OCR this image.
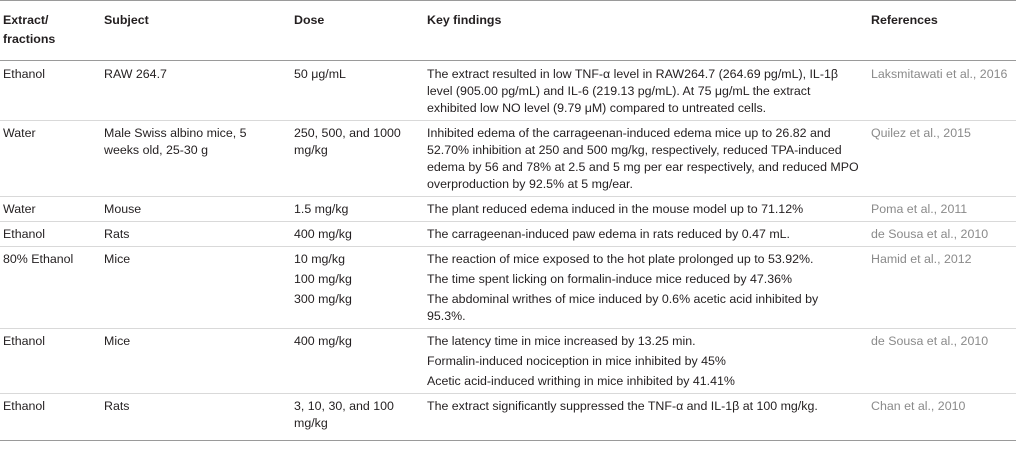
Extract/ fractions	Subject	Dose	Key findings	References
Ethanol	RAW 264.7	50 μg/mL	The extract resulted in low TNF-α level in RAW264.7 (264.69 pg/mL), IL-1β level (905.00 pg/mL) and IL-6 (219.13 pg/mL). At 75 μg/mL the extract exhibited low NO level (9.79 μM) compared to untreated cells.	Laksmitawati et al., 2016
Water	Male Swiss albino mice, 5 weeks old, 25-30 g	250, 500, and 1000 mg/kg	Inhibited edema of the carrageenan-induced edema mice up to 26.82 and 52.70% inhibition at 250 and 500 mg/kg, respectively, reduced TPA-induced edema by 56 and 78% at 2.5 and 5 mg per ear respectively, and reduced MPO overproduction by 92.5% at 5 mg/ear.	Quilez et al., 2015
Water	Mouse	1.5 mg/kg	The plant reduced edema induced in the mouse model up to 71.12%	Poma et al., 2011
Ethanol	Rats	400 mg/kg	The carrageenan-induced paw edema in rats reduced by 0.47 mL.	de Sousa et al., 2010
80% Ethanol	Mice	10 mg/kg	The reaction of mice exposed to the hot plate prolonged up to 53.92%.	Hamid et al., 2012
		100 mg/kg	The time spent licking on formalin-induce mice reduced by 47.36%	
		300 mg/kg	The abdominal writhes of mice induced by 0.6% acetic acid inhibited by 95.3%.	
Ethanol	Mice	400 mg/kg	The latency time in mice increased by 13.25 min.	de Sousa et al., 2010
			Formalin-induced nociception in mice inhibited by 45%	
			Acetic acid-induced writhing in mice inhibited by 41.41%	
Ethanol	Rats	3, 10, 30, and 100 mg/kg	The extract significantly suppressed the TNF-α and IL-1β at 100 mg/kg.	Chan et al., 2010
